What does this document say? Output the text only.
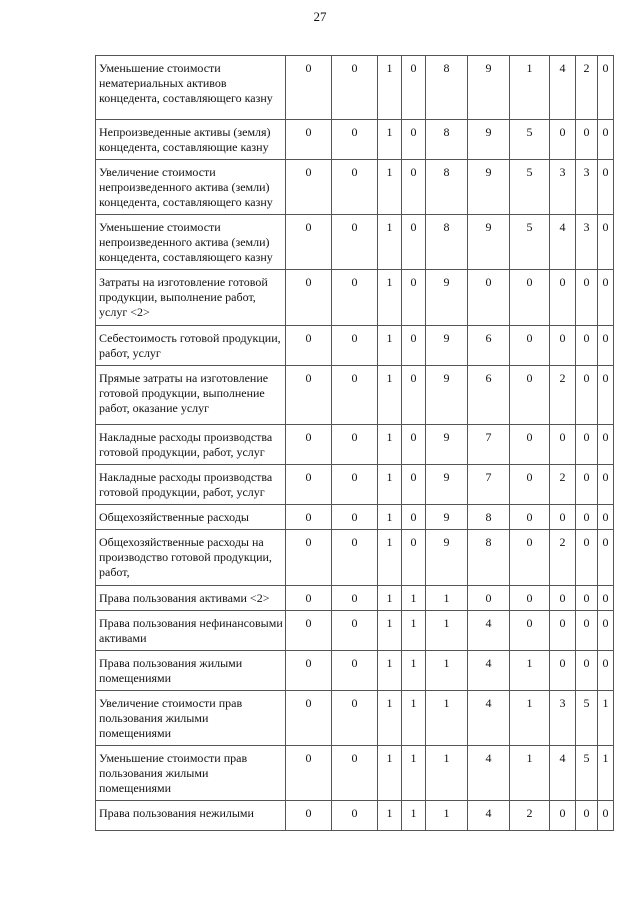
27
Уменьшение стоимости нематериальных активов концедента, составляющего казну	0	0	1	0	8	9	1	4	2	0
Непроизведенные активы (земля) концедента, составляющие казну	0	0	1	0	8	9	5	0	0	0
Увеличение стоимости непроизведенного актива (земли) концедента, составляющего казну	0	0	1	0	8	9	5	3	3	0
Уменьшение стоимости непроизведенного актива (земли) концедента, составляющего казну	0	0	1	0	8	9	5	4	3	0
Затраты на изготовление готовой продукции, выполнение работ, услуг <2>	0	0	1	0	9	0	0	0	0	0
Себестоимость готовой продукции, работ, услуг	0	0	1	0	9	6	0	0	0	0
Прямые затраты на изготовление готовой продукции, выполнение работ, оказание услуг	0	0	1	0	9	6	0	2	0	0
Накладные расходы производства готовой продукции, работ, услуг	0	0	1	0	9	7	0	0	0	0
Накладные расходы производства готовой продукции, работ, услуг	0	0	1	0	9	7	0	2	0	0
Общехозяйственные расходы	0	0	1	0	9	8	0	0	0	0
Общехозяйственные расходы на производство готовой продукции, работ,	0	0	1	0	9	8	0	2	0	0
Права пользования активами <2>	0	0	1	1	1	0	0	0	0	0
Права пользования нефинансовыми активами	0	0	1	1	1	4	0	0	0	0
Права пользования жилыми помещениями	0	0	1	1	1	4	1	0	0	0
Увеличение стоимости прав пользования жилыми помещениями	0	0	1	1	1	4	1	3	5	1
Уменьшение стоимости прав пользования жилыми помещениями	0	0	1	1	1	4	1	4	5	1
Права пользования нежилыми	0	0	1	1	1	4	2	0	0	0
